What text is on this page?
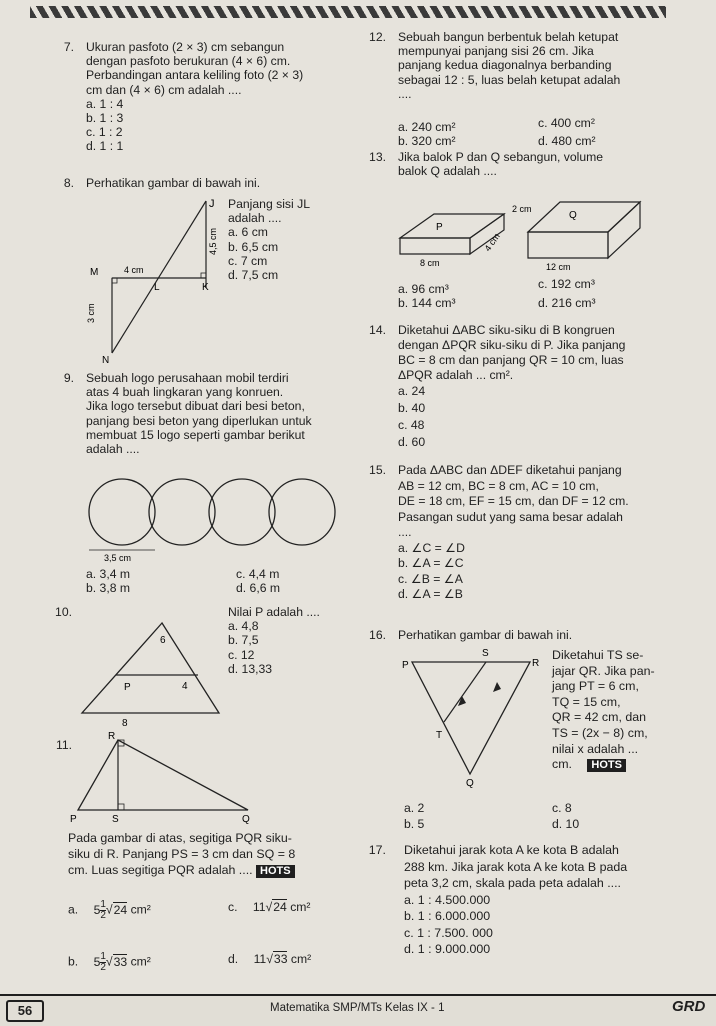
7. Ukuran pasfoto (2 × 3) cm sebangun
dengan pasfoto berukuran (4 × 6) cm.
Perbandingan antara keliling foto (2 × 3)
cm dan (4 × 6) cm adalah ....
a. 1 : 4
b. 1 : 3
c. 1 : 2
d. 1 : 1
8. Perhatikan gambar di bawah ini.
J
M
L	K
N
4 cm
4,5 cm
3 cm
Panjang sisi JL
adalah ....
a. 6 cm
b. 6,5 cm
c. 7 cm
d. 7,5 cm
9. Sebuah logo perusahaan mobil terdiri
atas 4 buah lingkaran yang konruen.
Jika logo tersebut dibuat dari besi beton,
panjang besi beton yang diperlukan untuk
membuat 15 logo seperti gambar berikut
adalah ....
3,5 cm
a. 3,4 m	c. 4,4 m
b. 3,8 m	d. 6,6 m
10.
6
4
P
8
Nilai P adalah ....
a. 4,8
b. 7,5
c. 12
d. 13,33
11.
R
P	S	Q
Pada gambar di atas, segitiga PQR siku-
siku di R. Panjang PS = 3 cm dan SQ = 8
cm. Luas segitiga PQR adalah .... HOTS
a. $5 \frac{1}{2} √24$ cm²	c. 11√24 cm²
b. $5 \frac{1}{2} √33$ cm²	d. 11√33 cm²
12. Sebuah bangun berbentuk belah ketupat
mempunyai panjang sisi 26 cm. Jika
panjang kedua diagonalnya berbanding
sebagai 12 : 5, luas belah ketupat adalah
....
a. 240 cm²	c. 400 cm²
b. 320 cm²	d. 480 cm²
13. Jika balok P dan Q sebangun, volume
balok Q adalah ....
P
8 cm
4 cm
Q
2 cm
12 cm
a. 96 cm³	c. 192 cm³
b. 144 cm³	d. 216 cm³
14. Diketahui ΔABC siku-siku di B kongruen
dengan ΔPQR siku-siku di P. Jika panjang
BC = 8 cm dan panjang QR = 10 cm, luas
ΔPQR adalah ... cm².
a. 24
b. 40
c. 48
d. 60
15. Pada ΔABC dan ΔDEF diketahui panjang
AB = 12 cm, BC = 8 cm, AC = 10 cm,
DE = 18 cm, EF = 15 cm, dan DF = 12 cm.
Pasangan sudut yang sama besar adalah
....
a. ∠C = ∠D
b. ∠A = ∠C
c. ∠B = ∠A
d. ∠A = ∠B
16. Perhatikan gambar di bawah ini.
P
S
R
T
Q
Diketahui TS se-
jajar QR. Jika pan-
jang PT = 6 cm,
TQ = 15 cm,
QR = 42 cm, dan
TS = (2x − 8) cm,
nilai x adalah ...
cm. HOTS
a. 2	c. 8
b. 5	d. 10
17. Diketahui jarak kota A ke kota B adalah
288 km. Jika jarak kota A ke kota B pada
peta 3,2 cm, skala pada peta adalah ....
a. 1 : 4.500.000
b. 1 : 6.000.000
c. 1 : 7.500. 000
d. 1 : 9.000.000
56	Matematika SMP/MTs Kelas IX - 1	GRD
